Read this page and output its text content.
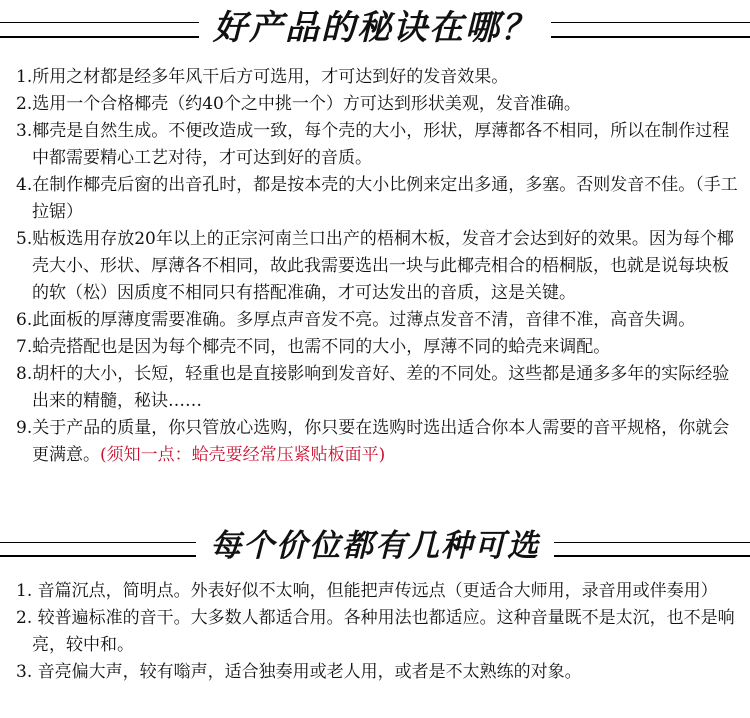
好产品的秘诀在哪？

1.所用之材都是经多年风干后方可选用，才可达到好的发音效果。

2.选用一个合格椰壳（约40个之中挑一个）方可达到形状美观，发音准确。

3.椰壳是自然生成。不便改造成一致，每个壳的大小，形状，厚薄都各不相同，所以在制作过程中都需要精心工艺对待，才可达到好的音质。

4.在制作椰壳后窗的出音孔时，都是按本壳的大小比例来定出多通，多塞。否则发音不佳。（手工拉锯）

5.贴板选用存放20年以上的正宗河南兰口出产的梧桐木板，发音才会达到好的效果。因为每个椰壳大小、形状、厚薄各不相同，故此我需要选出一块与此椰壳相合的梧桐版，也就是说每块板的软（松）因质度不相同只有搭配准确，才可达发出的音质，这是关键。

6.此面板的厚薄度需要准确。多厚点声音发不亮。过薄点发音不清，音律不准，高音失调。

7.蛤壳搭配也是因为每个椰壳不同，也需不同的大小，厚薄不同的蛤壳来调配。

8.胡杆的大小，长短，轻重也是直接影响到发音好、差的不同处。这些都是通多多年的实际经验出来的精髓，秘诀……

9.关于产品的质量，你只管放心选购，你只要在选购时选出适合你本人需要的音平规格，你就会更满意。(须知一点：蛤壳要经常压紧贴板面平)

每个价位都有几种可选

1. 音篇沉点，简明点。外表好似不太响，但能把声传远点（更适合大师用，录音用或伴奏用）

2. 较普遍标准的音干。大多数人都适合用。各种用法也都适应。这种音量既不是太沉，也不是响亮，较中和。

3. 音亮偏大声，较有嗡声，适合独奏用或老人用，或者是不太熟练的对象。
